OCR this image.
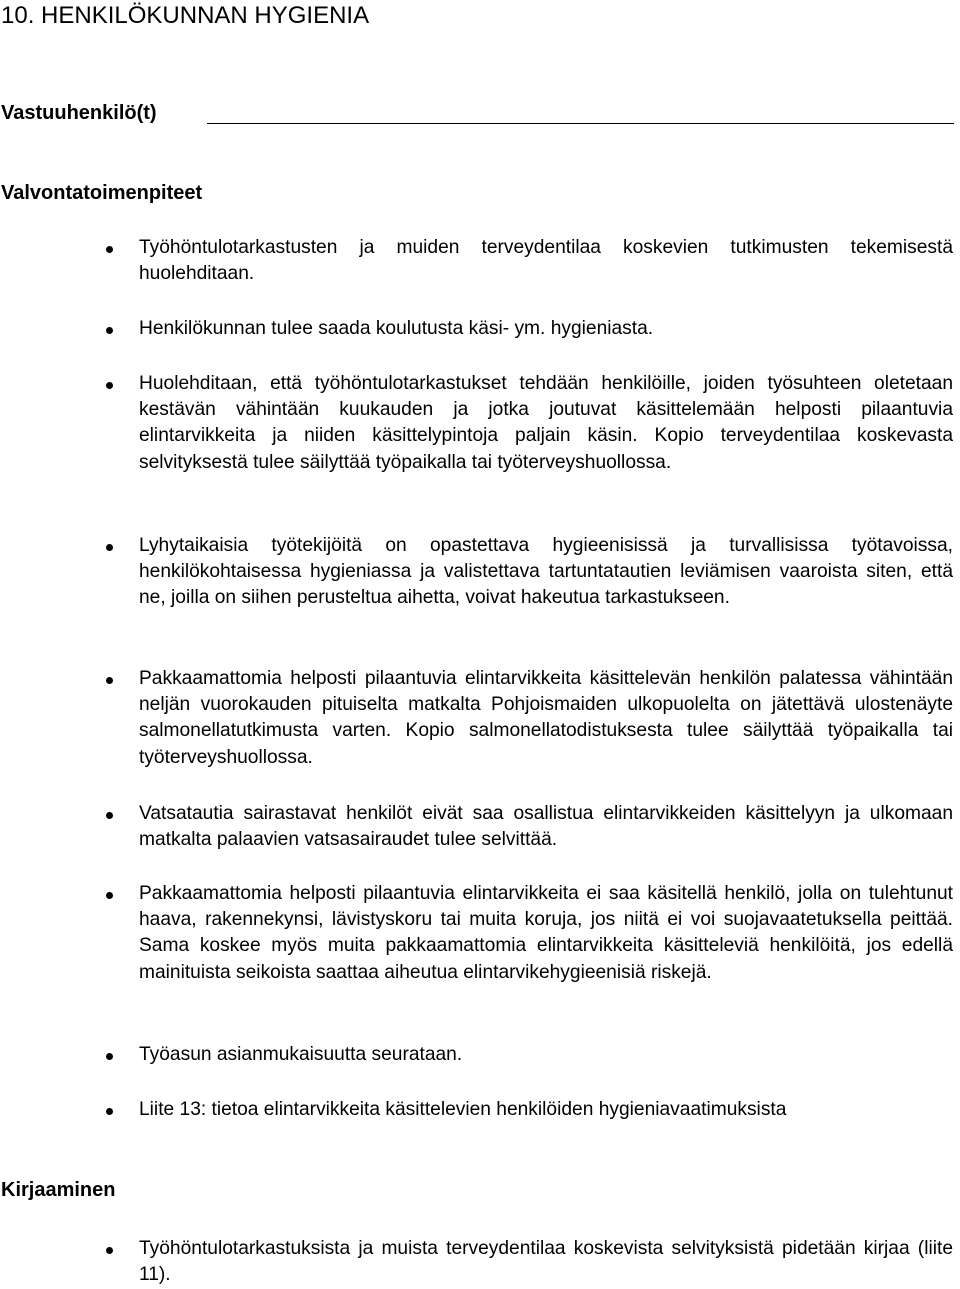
10. HENKILÖKUNNAN HYGIENIA
Vastuuhenkilö(t)
Valvontatoimenpiteet

Työhöntulotarkastusten ja muiden terveydentilaa koskevien tutkimusten tekemisestä huolehditaan.

Henkilökunnan tulee saada koulutusta käsi- ym. hygieniasta.

Huolehditaan, että työhöntulotarkastukset tehdään henkilöille, joiden työsuhteen oletetaan kestävän vähintään kuukauden ja jotka joutuvat käsittelemään helposti pilaantuvia elintarvikkeita ja niiden käsittelypintoja paljain käsin. Kopio terveydentilaa koskevasta selvityksestä tulee säilyttää työpaikalla tai työterveyshuollossa.

Lyhytaikaisia työtekijöitä on opastettava hygieenisissä ja turvallisissa työtavoissa, henkilökohtaisessa hygieniassa ja valistettava tartuntatautien leviämisen vaaroista siten, että ne, joilla on siihen perusteltua aihetta, voivat hakeutua tarkastukseen.

Pakkaamattomia helposti pilaantuvia elintarvikkeita käsittelevän henkilön palatessa vähintään neljän vuorokauden pituiselta matkalta Pohjoismaiden ulkopuolelta on jätettävä ulostenäyte salmonellatutkimusta varten. Kopio salmonellatodistuksesta tulee säilyttää työpaikalla tai työterveyshuollossa.

Vatsatautia sairastavat henkilöt eivät saa osallistua elintarvikkeiden käsittelyyn ja ulkomaan matkalta palaavien vatsasairaudet tulee selvittää.

Pakkaamattomia helposti pilaantuvia elintarvikkeita ei saa käsitellä henkilö, jolla on tulehtunut haava, rakennekynsi, lävistyskoru tai muita koruja, jos niitä ei voi suojavaatetuksella peittää. Sama koskee myös muita pakkaamattomia elintarvikkeita käsitteleviä henkilöitä, jos edellä mainituista seikoista saattaa aiheutua elintarvikehygieenisiä riskejä.

Työasun asianmukaisuutta seurataan.

Liite 13: tietoa elintarvikkeita käsittelevien henkilöiden hygieniavaatimuksista

Kirjaaminen

Työhöntulotarkastuksista ja muista terveydentilaa koskevista selvityksistä pidetään kirjaa (liite 11).
